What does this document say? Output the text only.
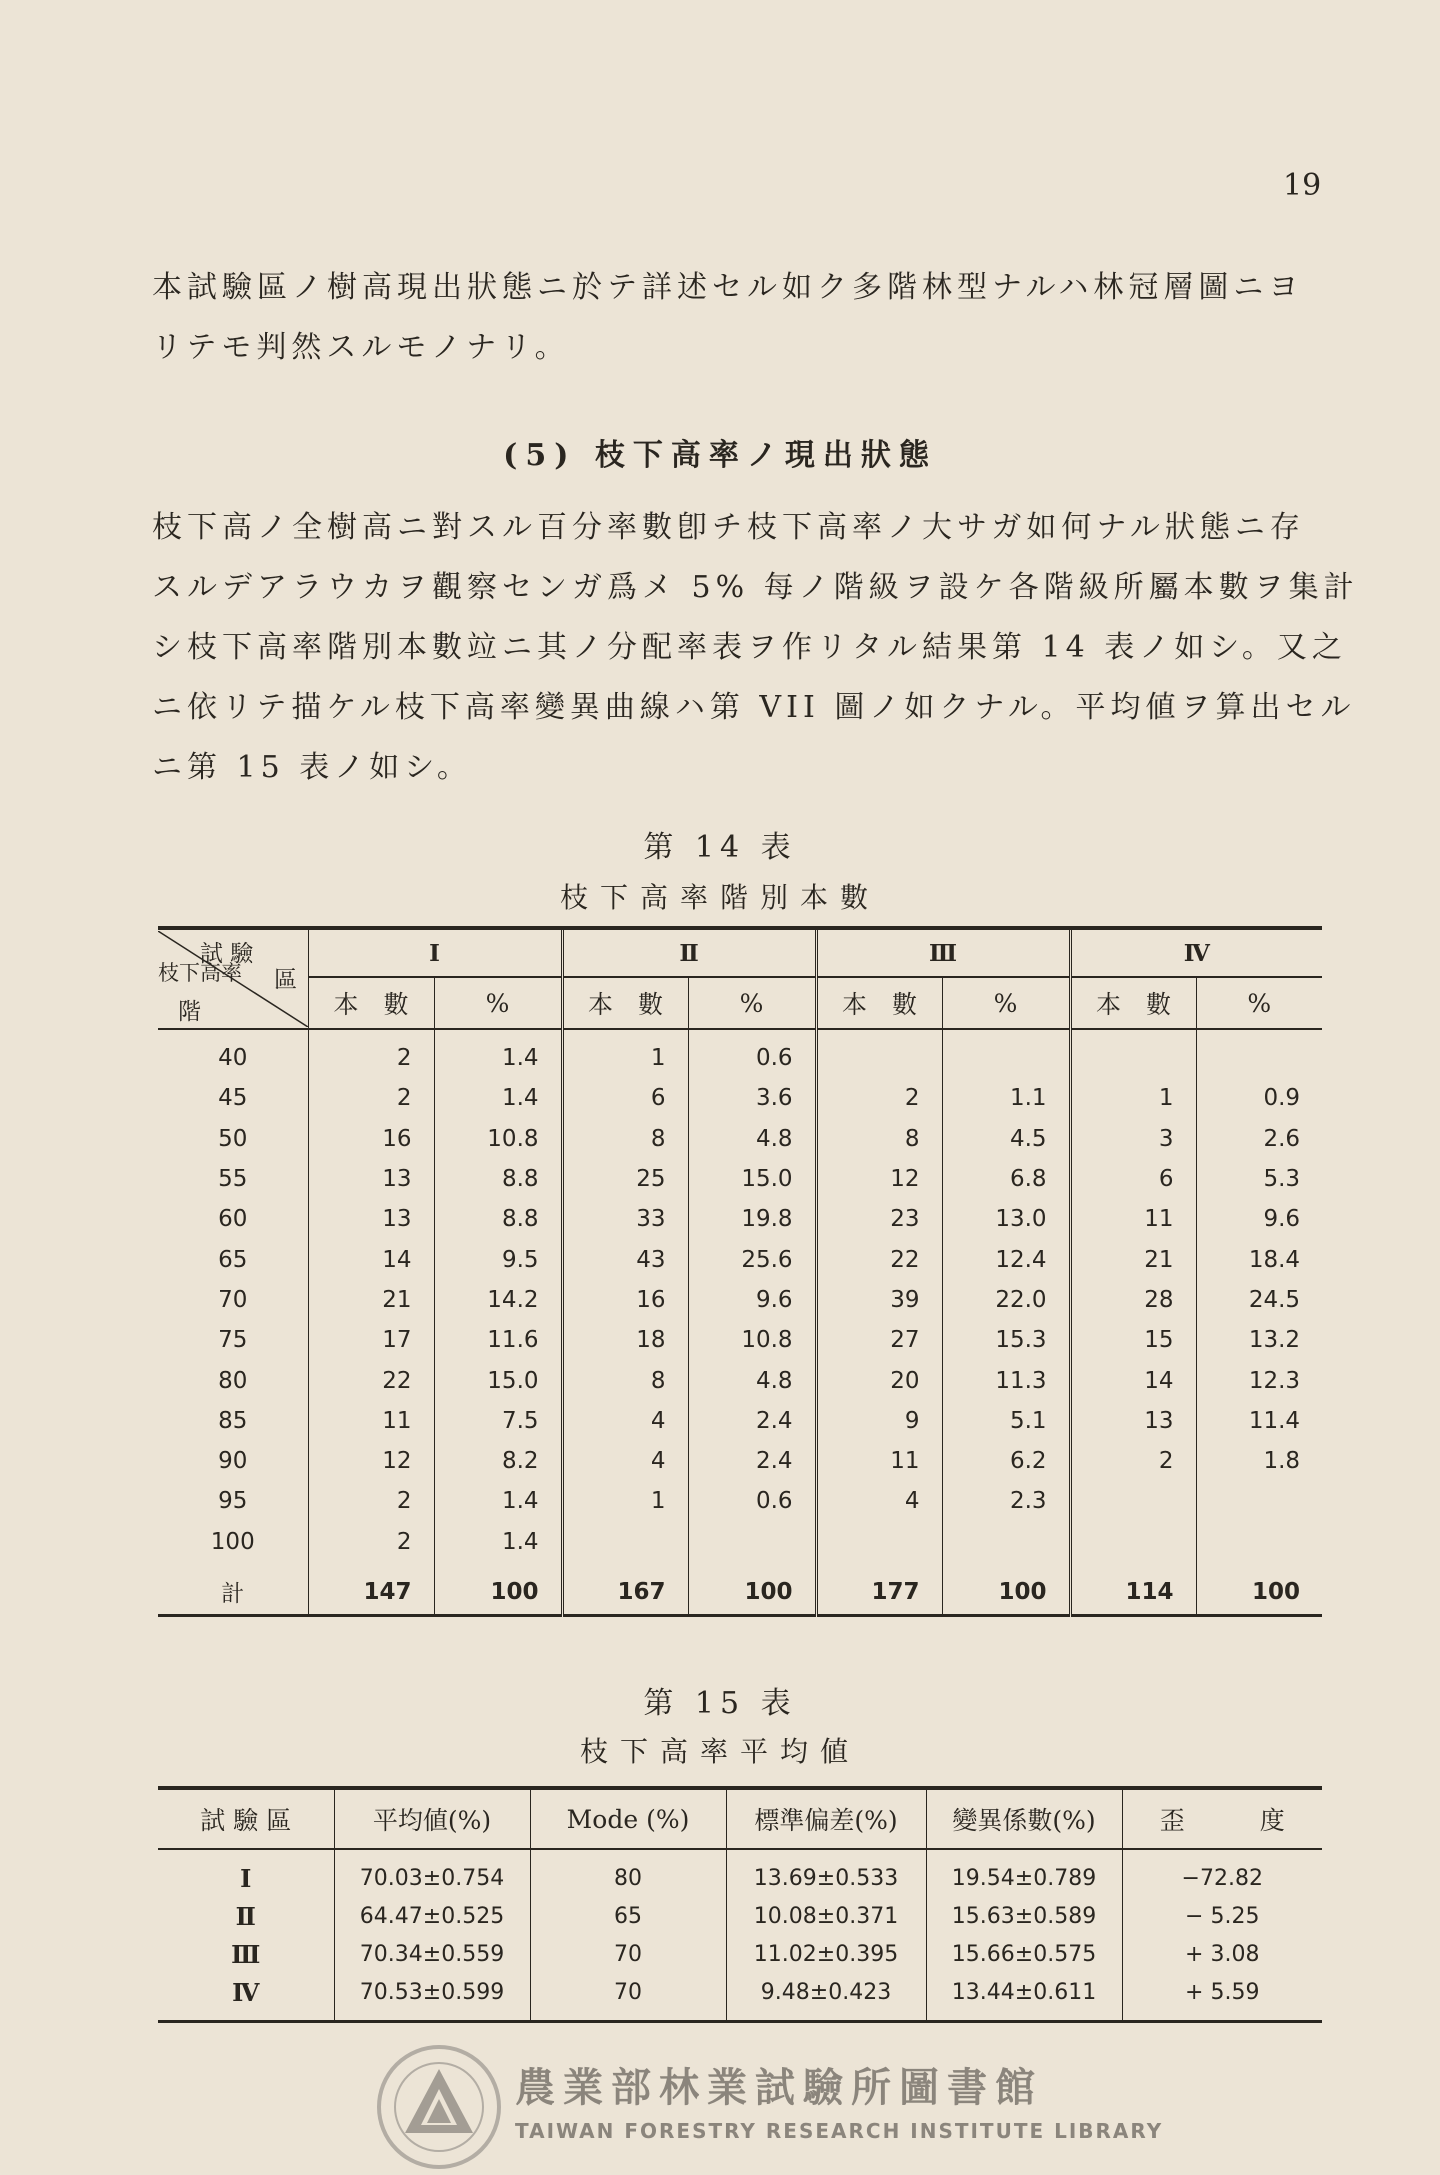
19

本試驗區ノ樹高現出狀態ニ於テ詳述セル如ク多階林型ナルハ林冠層圖ニヨ

リテモ判然スルモノナリ。

(5) 枝下高率ノ現出狀態

枝下高ノ全樹高ニ對スル百分率數卽チ枝下高率ノ大サガ如何ナル狀態ニ存

スルデアラウカヲ觀察センガ爲メ 5% 每ノ階級ヲ設ケ各階級所屬本數ヲ集計

シ枝下高率階別本數竝ニ其ノ分配率表ヲ作リタル結果第 14 表ノ如シ。又之

ニ依リテ描ケル枝下高率變異曲線ハ第 VII 圖ノ如クナル。平均値ヲ算出セル

ニ第 15 表ノ如シ。

第 14 表
枝下高率階別本數
試 驗
區
枝下高率
階	Ⅰ		Ⅱ		Ⅲ		Ⅳ	
	本　數	%	本　數	%	本　數	%	本　數	%

40	2	1.4	1	0.6				
45	2	1.4	6	3.6	2	1.1	1	0.9
50	16	10.8	8	4.8	8	4.5	3	2.6
55	13	8.8	25	15.0	12	6.8	6	5.3
60	13	8.8	33	19.8	23	13.0	11	9.6
65	14	9.5	43	25.6	22	12.4	21	18.4
70	21	14.2	16	9.6	39	22.0	28	24.5
75	17	11.6	18	10.8	27	15.3	15	13.2
80	22	15.0	8	4.8	20	11.3	14	12.3
85	11	7.5	4	2.4	9	5.1	13	11.4
90	12	8.2	4	2.4	11	6.2	2	1.8
95	2	1.4	1	0.6	4	2.3		
100	2	1.4						

計	147	100	167	100	177	100	114	100
第 15 表
枝下高率平均値
試 驗 區	平均値(%)	Mode (%)	標準偏差(%)	變異係數(%)	歪　　　度
Ⅰ	70.03±0.754	80	13.69±0.533	19.54±0.789	−72.82
Ⅱ	64.47±0.525	65	10.08±0.371	15.63±0.589	− 5.25
Ⅲ	70.34±0.559	70	11.02±0.395	15.66±0.575	+ 3.08
Ⅳ	70.53±0.599	70	9.48±0.423	13.44±0.611	+ 5.59
農業部林業試驗所圖書館
TAIWAN FORESTRY RESEARCH INSTITUTE LIBRARY
